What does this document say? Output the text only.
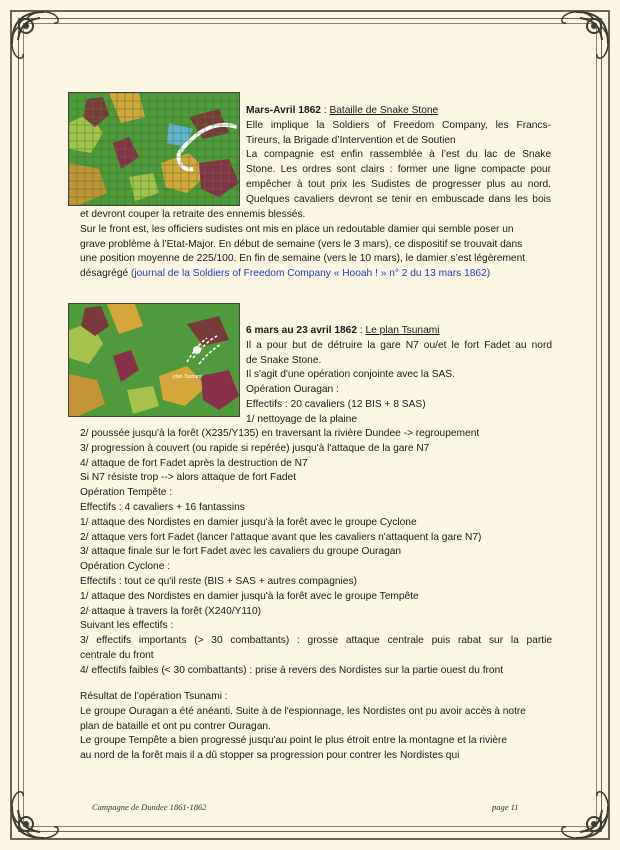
Mars-Avril 1862 : Bataille de Snake Stone
Elle implique la Soldiers of Freedom Company, les Francs-
Tireurs, la Brigade d’Intervention et de Soutien
La compagnie est enfin rassemblée à l’est du lac de Snake
Stone. Les ordres sont clairs : former une ligne compacte pour
empêcher à tout prix les Sudistes de progresser plus au nord.
Quelques cavaliers devront se tenir en embuscade dans les bois
et devront couper la retraite des ennemis blessés.
Sur le front est, les officiers sudistes ont mis en place un redoutable damier qui semble poser un
grave problème à l’Etat-Major. En début de semaine (vers le 3 mars), ce dispositif se trouvait dans
une position moyenne de 225/100. En fin de semaine (vers le 10 mars), le damier s’est légèrement
désagrégé (journal de la Soldiers of Freedom Company « Hooah ! » n° 2 du 13 mars 1862)
plan Tsunami
6 mars au 23 avril 1862 : Le plan Tsunami
Il a pour but de détruire la gare N7 ou/et le fort Fadet au nord
de Snake Stone.
Il s'agit d'une opération conjointe avec la SAS.
Opération Ouragan :
Effectifs : 20 cavaliers (12 BIS + 8 SAS)
1/ nettoyage de la plaine
2/ poussée jusqu'à la forêt (X235/Y135) en traversant la rivière Dundee -> regroupement
3/ progression à couvert (ou rapide si repérée) jusqu'à l'attaque de la gare N7
4/ attaque de fort Fadet après la destruction de N7
Si N7 résiste trop --> alors attaque de fort Fadet
Opération Tempête :
Effectifs : 4 cavaliers + 16 fantassins
1/ attaque des Nordistes en damier jusqu'à la forêt avec le groupe Cyclone
2/ attaque vers fort Fadet (lancer l'attaque avant que les cavaliers n'attaquent la gare N7)
3/ attaque finale sur le fort Fadet avec les cavaliers du groupe Ouragan
Opération Cyclone :
Effectifs : tout ce qu'il reste (BIS + SAS + autres compagnies)
1/ attaque des Nordistes en damier jusqu'à la forêt avec le groupe Tempête
2/ attaque à travers la forêt (X240/Y110)
Suivant les effectifs :
3/ effectifs importants (> 30 combattants) : grosse attaque centrale puis rabat sur la partie
centrale du front
4/ effectifs faibles (< 30 combattants) : prise à revers des Nordistes sur la partie ouest du front
Résultat de l’opération Tsunami :
Le groupe Ouragan a été anéanti. Suite à de l'espionnage, les Nordistes ont pu avoir accès à notre
plan de bataille et ont pu contrer Ouragan.
Le groupe Tempête a bien progressé jusqu'au point le plus étroit entre la montagne et la rivière
au nord de la forêt mais il a dû stopper sa progression pour contrer les Nordistes qui
Campagne de Dundee 1861-1862	page 11
